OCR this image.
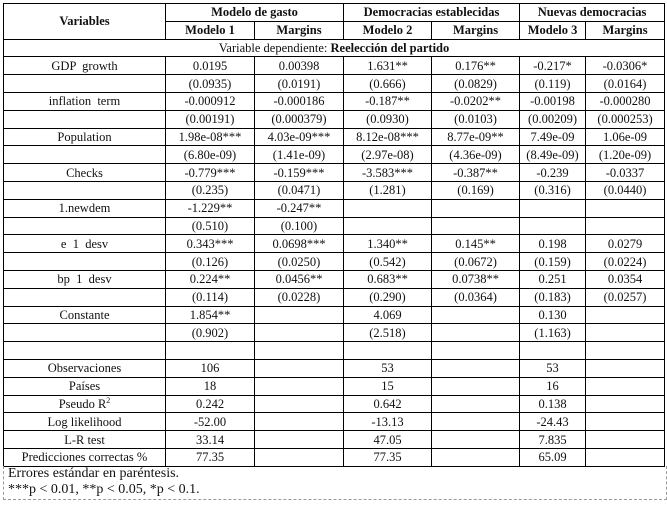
Variables	Modelo de gasto		Democracias establecidas		Nuevas democracias	
	Modelo 1	Margins	Modelo 2	Margins	Modelo 3	Margins
Variable dependiente: Reelección del partido						
GDP  growth	0.0195	0.00398	1.631**	0.176**	-0.217*	-0.0306*
	(0.0935)	(0.0191)	(0.666)	(0.0829)	(0.119)	(0.0164)
inflation  term	-0.000912	-0.000186	-0.187**	-0.0202**	-0.00198	-0.000280
	(0.00191)	(0.000379)	(0.0930)	(0.0103)	(0.00209)	(0.000253)
Population	1.98e-08***	4.03e-09***	8.12e-08***	8.77e-09**	7.49e-09	1.06e-09
	(6.80e-09)	(1.41e-09)	(2.97e-08)	(4.36e-09)	(8.49e-09)	(1.20e-09)
Checks	-0.779***	-0.159***	-3.583***	-0.387**	-0.239	-0.0337
	(0.235)	(0.0471)	(1.281)	(0.169)	(0.316)	(0.0440)
1.newdem	-1.229**	-0.247**				
	(0.510)	(0.100)				
e  1  desv	0.343***	0.0698***	1.340**	0.145**	0.198	0.0279
	(0.126)	(0.0250)	(0.542)	(0.0672)	(0.159)	(0.0224)
bp  1  desv	0.224**	0.0456**	0.683**	0.0738**	0.251	0.0354
	(0.114)	(0.0228)	(0.290)	(0.0364)	(0.183)	(0.0257)
Constante	1.854**		4.069		0.130	
	(0.902)		(2.518)		(1.163)	

Observaciones	106		53		53	
Países	18		15		16	
Pseudo $R^2$	0.242		0.642		0.138	
Log likelihood	-52.00		-13.13		-24.43	
L-R test	33.14		47.05		7.835	
Predicciones correctas %	77.35		77.35		65.09	
Errores estándar en paréntesis.
***p < 0.01, **p < 0.05, *p < 0.1.
